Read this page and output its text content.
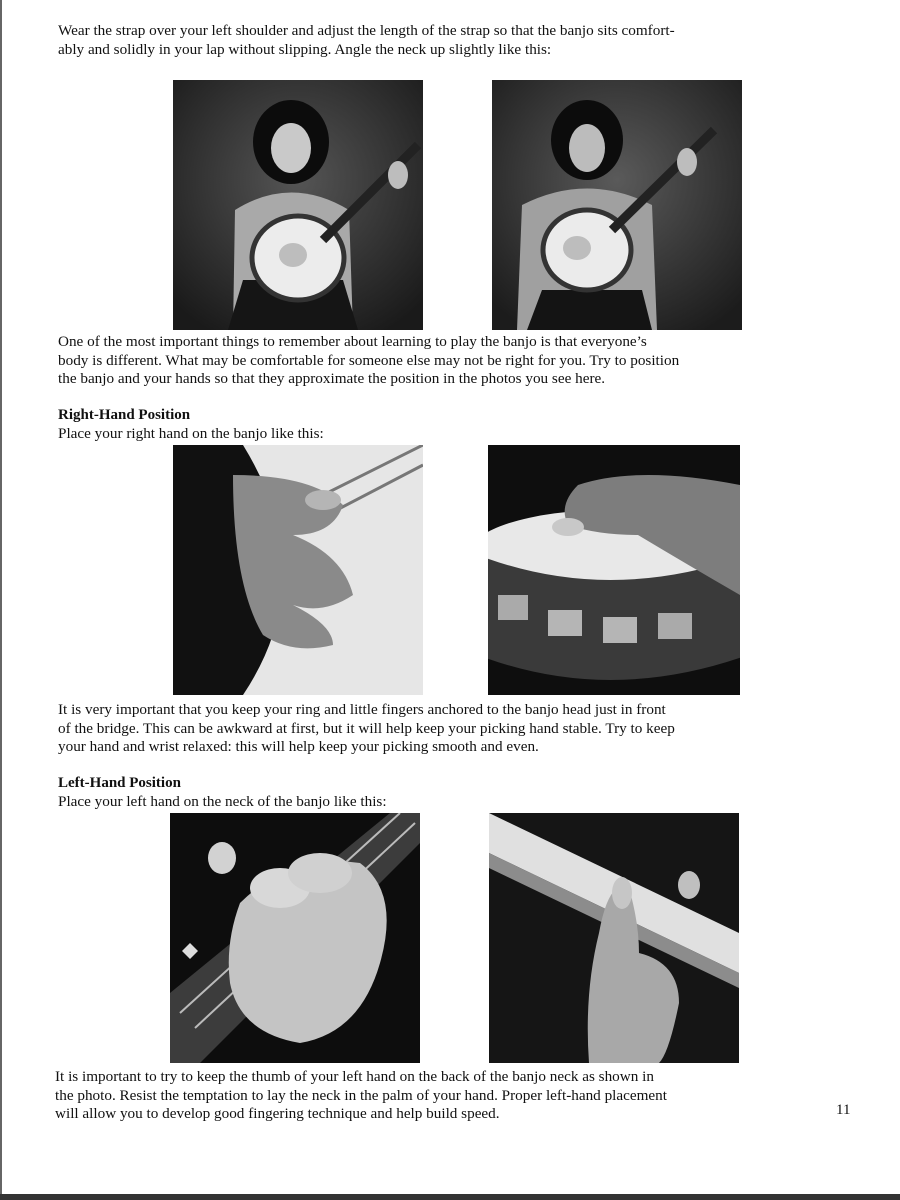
Wear the strap over your left shoulder and adjust the length of the strap so that the banjo sits comfort-
ably and solidly in your lap without slipping. Angle the neck up slightly like this:

One of the most important things to remember about learning to play the banjo is that everyone’s
body is different. What may be comfortable for someone else may not be right for you. Try to position
the banjo and your hands so that they approximate the position in the photos you see here.

Right-Hand Position

Place your right hand on the banjo like this:

It is very important that you keep your ring and little fingers anchored to the banjo head just in front
of the bridge. This can be awkward at first, but it will help keep your picking hand stable. Try to keep
your hand and wrist relaxed: this will help keep your picking smooth and even.

Left-Hand Position

Place your left hand on the neck of the banjo like this:

It is important to try to keep the thumb of your left hand on the back of the banjo neck as shown in
the photo. Resist the temptation to lay the neck in the palm of your hand. Proper left-hand placement
will allow you to develop good fingering technique and help build speed.	11
